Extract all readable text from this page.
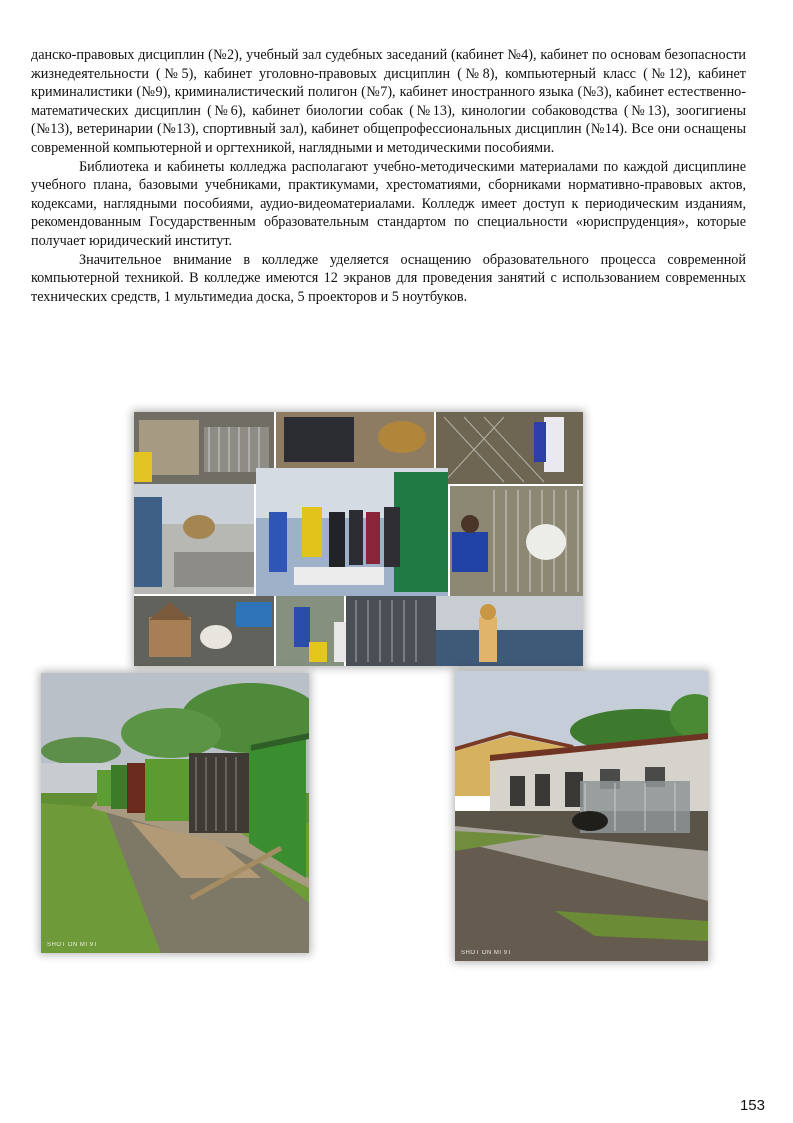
данско-правовых дисциплин (№2), учебный зал судебных заседаний (кабинет №4), кабинет по основам безопасности жизнедеятельности (№5), кабинет уголовно-правовых дисциплин (№8), компьютерный класс (№12), кабинет криминалистики (№9), криминалистический полигон (№7), кабинет иностранного языка (№3), кабинет естественно-математических дисциплин (№6), кабинет биологии собак (№13), кинологии собаководства (№13), зоогигиены (№13), ветеринарии (№13), спортивный зал), кабинет общепрофессиональных дисциплин (№14). Все они оснащены современной компьютерной и оргтехникой, наглядными и методическими пособиями.

Библиотека и кабинеты колледжа располагают учебно-методическими материалами по каждой дисциплине учебного плана, базовыми учебниками, практикумами, хрестоматиями, сборниками нормативно-правовых актов, кодексами, наглядными пособиями, аудио-видеоматериалами. Колледж имеет доступ к периодическим изданиям, рекомендованным Государственным образовательным стандартом по специальности «юриспруденция», которые получает юридический институт.

Значительное внимание в колледже уделяется оснащению образовательного процесса современной компьютерной техникой. В колледже имеются 12 экранов для проведения занятий с использованием современных технических средств, 1 мультимедиа доска, 5 проекторов и 5 ноутбуков.

SHOT ON MI 9T
SHOT ON MI 9T
153
